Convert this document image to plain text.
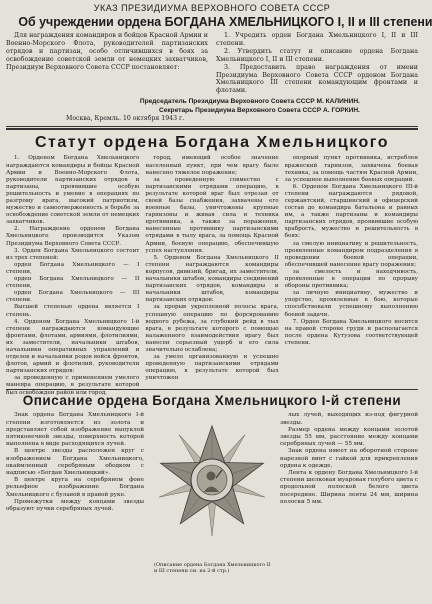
УКАЗ ПРЕЗИДИУМА ВЕРХОВНОГО СОВЕТА СССР
Об учреждении ордена БОГДАНА ХМЕЛЬНИЦКОГО I, II и III степени

Для награждения командиров и бойцов Красной Армии и Военно-Морского Флота, руководителей партизанских отрядов и партизан, особо отличившихся в боях за освобождение советской земли от немецких захватчиков, Президиум Верховного Совета СССР постановляет:

1. Учредить орден Богдана Хмельницкого I, II и III степени.

2. Утвердить статут и описание ордена Богдана Хмельницкого I, II и III степени.

3. Предоставить право награждения от имени Президиума Верховного Совета СССР орденом Богдана Хмельницкого III степени командующим фронтами и флотами.

Председатель Президиума Верховного Совета СССР М. КАЛИНИН.
Секретарь Президиума Верховного Совета СССР А. ГОРКИН.
Москва, Кремль. 10 октября 1943 г.
Статут ордена Богдана Хмельницкого

1. Орденом Богдана Хмельницкого награждаются командиры и бойцы Красной Армии и Военно-Морского Флота, руководители партизанских отрядов и партизаны, проявившие особую решительность и умение в операциях по разгрому врага, высокий патриотизм, мужество и самоотверженность в борьбе за освобождение советской земли от немецких захватчиков.

2. Награждение орденом Богдана Хмельницкого производится Указом Президиума Верховного Совета СССР.

3. Орден Богдана Хмельницкого состоит из трех степеней:

орден Богдана Хмельницкого — I степени,

орден Богдана Хмельницкого — II степени,

орден Богдана Хмельницкого — III степени.

Высшей степенью ордена является I степень.

4. Орденом Богдана Хмельницкого I-й степени награждаются командующие фронтами, флотами, армиями, флотилиями, их заместители, начальники штабов, начальники оперативных управлений и отделов и начальники родов войск фронтов, флотов, армий и флотилий, руководители партизанских отрядов:

за проведенную с применением умелого маневра операцию, в результате которой был освобожден район или город,

город, имеющий особое значение населенный пункт, при чем врагу было нанесено тяжелое поражение;

за проведенную совместно с партизанскими отрядами операцию, в результате которой враг был отрезан от своей базы снабжения, захвачены его военные базы, уничтожены крупные гарнизоны и живая сила и техника противника, а также за поражения, нанесенные противнику партизанскими отрядами в тылу врага, за помощь Красной Армии, боевую операцию, обеспечившую успех наступления.

5. Орденом Богдана Хмельницкого II степени награждаются командиры корпусов, дивизий, бригад, их заместители, начальники штабов, командиры соединений партизанских отрядов, командиры и начальники штабов, командиры партизанских отрядов:

за прорыв укрепленной полосы врага, успешную операцию по форсированию водного рубежа, за глубокий рейд в тыл врага, в результате которого с помощью налаженного взаимодействия врагу был нанесен серьезный ущерб и его сила значительно ослаблена;

за умело организованную и успешно проведенную партизанскими отрядами операцию, в результате которой был уничтожен

опорный пункт противника, истреблен вражеский гарнизон, захвачена боевая техника, за помощь частям Красной Армии, за успешное выполнение боевых операций.

6. Орденом Богдана Хмельницкого III-й степени награждаются рядовой, сержантский, старшинский и офицерский состав до командира батальона и равных им, а также партизаны и командиры партизанских отрядов, проявившие особую храбрость, мужество и решительность в боях:

за смелую инициативу и решительность, проявленные командиром подразделения в проведении боевой операции, обеспечившей нанесение врагу поражения;

за смелость и находчивость, проявленные в операции по прорыву обороны противника;

за личную инициативу, мужество и упорство, проявленные в бою, которые способствовали успешному выполнению боевой задачи.

7. Орден Богдана Хмельницкого носится на правой стороне груди и располагается после ордена Кутузова соответствующей степени.

Описание ордена Богдана Хмельницкого I-й степени

Знак ордена Богдана Хмельницкого I-й степени изготовляется из золота и представляет собой изображение выпуклой пятиконечной звезды, поверхность которой выполнена в виде расходящихся лучей.

В центре звезды расположен круг с изображением Богдана Хмельницкого, окаймленный серебряным ободком с надписью «Богдан Хмельницкий».

В центре круга на серебряном фоне рельефное изображение Богдана Хмельницкого с булавой в правой руке.

Промежутки между концами звезды образуют пучки серебряных лучей.

(Описание ордена Богдана Хмельницкого II и III степени см. на 2-й стр.)

лых лучей, выходящих из-под фигурной звезды.

Размер ордена между концами золотой звезды 55 мм, расстояние между концами серебряных лучей — 55 мм.

Знак ордена имеет на оборотной стороне нарезной винт с гайкой для прикрепления ордена к одежде.

Лента к ордену Богдана Хмельницкого I-й степени шелковая муаровая голубого цвета с продольной полоской белого цвета посередине. Ширина ленты 24 мм, ширина полоски 5 мм.
